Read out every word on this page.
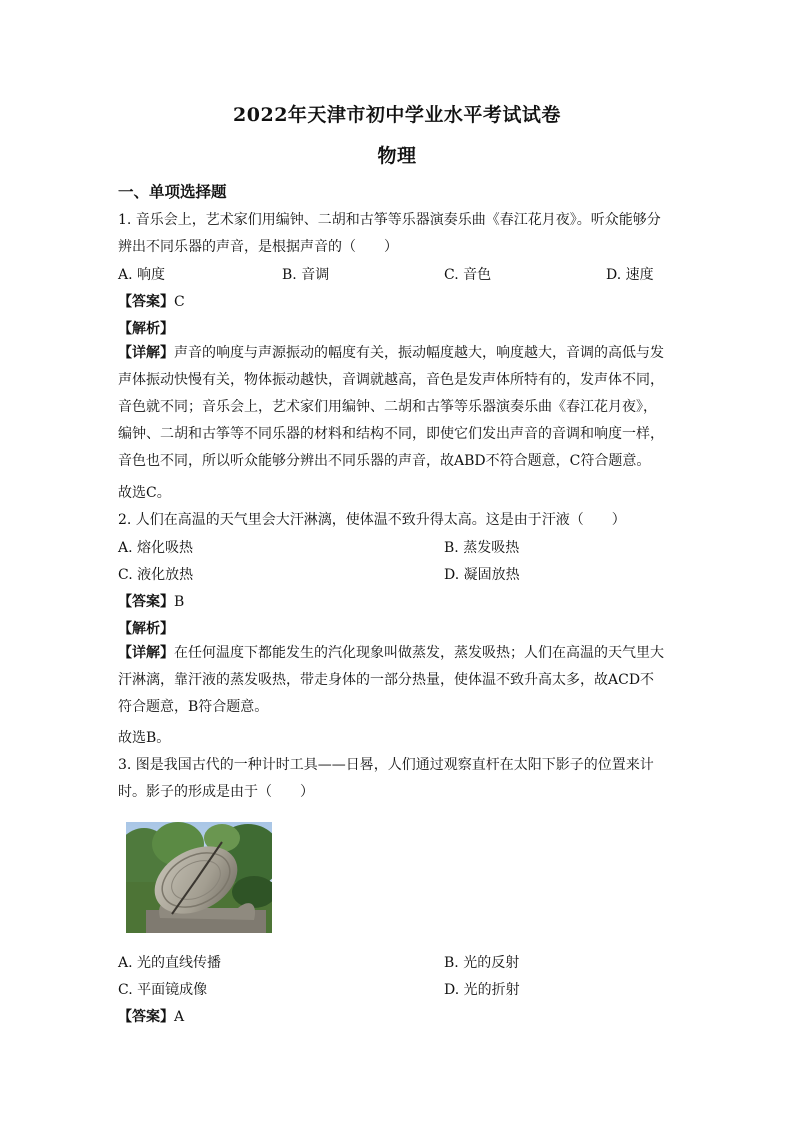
2022年天津市初中学业水平考试试卷
物理
一、单项选择题
1. 音乐会上，艺术家们用编钟、二胡和古筝等乐器演奏乐曲《春江花月夜》。听众能够分
辨出不同乐器的声音，是根据声音的（　　）
A. 响度	B. 音调	C. 音色	D. 速度
【答案】C
【解析】
【详解】声音的响度与声源振动的幅度有关，振动幅度越大，响度越大，音调的高低与发声体振动快慢有关，物体振动越快，音调就越高，音色是发声体所特有的，发声体不同，音色就不同；音乐会上，艺术家们用编钟、二胡和古筝等乐器演奏乐曲《春江花月夜》，编钟、二胡和古筝等不同乐器的材料和结构不同，即使它们发出声音的音调和响度一样，音色也不同，所以听众能够分辨出不同乐器的声音，故ABD不符合题意，C符合题意。
故选C。
2. 人们在高温的天气里会大汗淋漓，使体温不致升得太高。这是由于汗液（　　）
A. 熔化吸热	B. 蒸发吸热
C. 液化放热	D. 凝固放热
【答案】B
【解析】
【详解】在任何温度下都能发生的汽化现象叫做蒸发，蒸发吸热；人们在高温的天气里大汗淋漓，靠汗液的蒸发吸热，带走身体的一部分热量，使体温不致升高太多，故ACD不符合题意，B符合题意。
故选B。
3. 图是我国古代的一种计时工具——日晷，人们通过观察直杆在太阳下影子的位置来计
时。影子的形成是由于（　　）
A. 光的直线传播	B. 光的反射
C. 平面镜成像	D. 光的折射
【答案】A
